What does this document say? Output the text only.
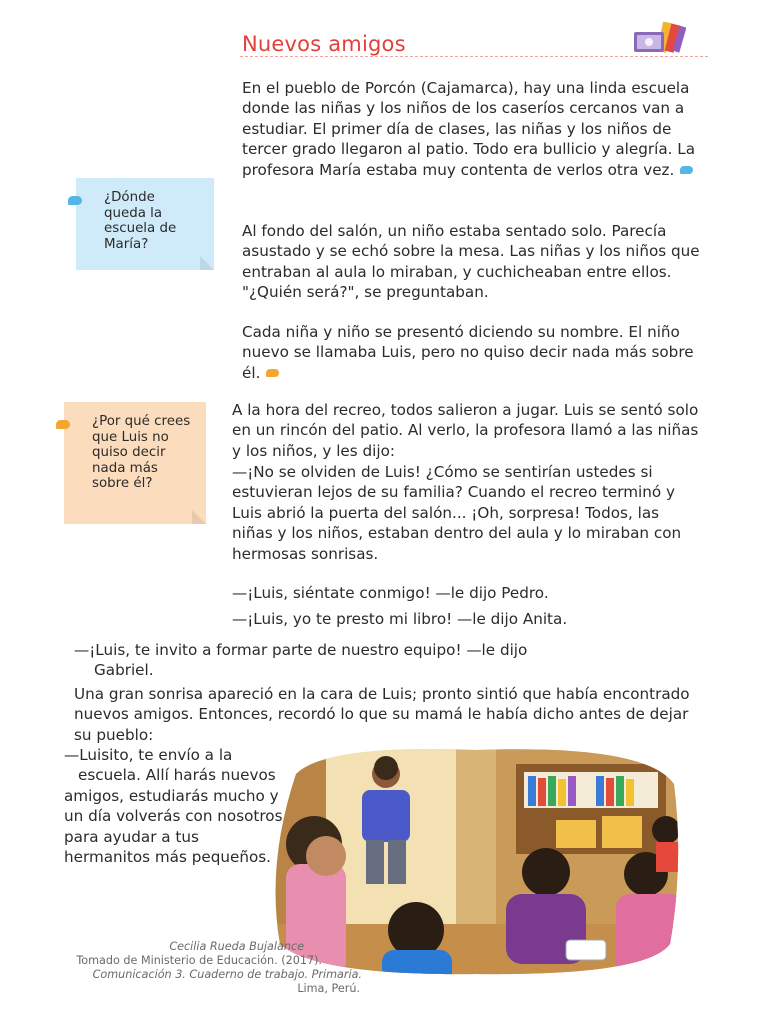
Nuevos amigos

En el pueblo de Porcón (Cajamarca), hay una linda escuela donde las niñas y los niños de los caseríos cercanos van a estudiar. El primer día de clases, las niñas y los niños de tercer grado llegaron al patio. Todo era bullicio y alegría. La profesora María estaba muy contenta de verlos otra vez.

¿Dónde queda la escuela de María?

Al fondo del salón, un niño estaba sentado solo. Parecía asustado y se echó sobre la mesa. Las niñas y los niños que entraban al aula lo miraban, y cuchicheaban entre ellos. "¿Quién será?", se preguntaban.

Cada niña y niño se presentó diciendo su nombre. El niño nuevo se llamaba Luis, pero no quiso decir nada más sobre él.

¿Por qué crees que Luis no quiso decir nada más sobre él?

A la hora del recreo, todos salieron a jugar. Luis se sentó solo en un rincón del patio. Al verlo, la profesora llamó a las niñas y los niños, y les dijo:

—¡No se olviden de Luis! ¿Cómo se sentirían ustedes si estuvieran lejos de su familia? Cuando el recreo terminó y Luis abrió la puerta del salón... ¡Oh, sorpresa! Todos, las niñas y los niños, estaban dentro del aula y lo miraban con hermosas sonrisas.

—¡Luis, siéntate conmigo! —le dijo Pedro.

—¡Luis, yo te presto mi libro! —le dijo Anita.

—¡Luis, te invito a formar parte de nuestro equipo! —le dijo
Gabriel.

Una gran sonrisa apareció en la cara de Luis; pronto sintió que había encontrado nuevos amigos. Entonces, recordó lo que su mamá le había dicho antes de dejar su pueblo:

—Luisito, te envío a la
escuela. Allí harás nuevos amigos, estudiarás mucho y un día volverás con nosotros para ayudar a tus hermanitos más pequeños.

Cecilia Rueda Bujalance
Tomado de Ministerio de Educación. (2017).
Comunicación 3. Cuaderno de trabajo. Primaria.
Lima, Perú.
